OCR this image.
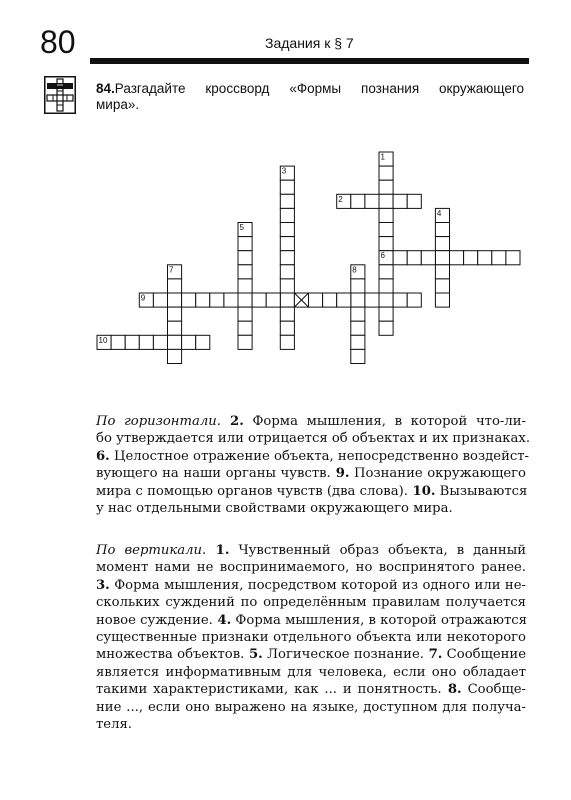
80	Задания к § 7
84.Разгадайте кроссворд «Формы познания окружающего
мира».
1
2
3
4
5
6
7	8
9
10
По горизонтали. 2. Форма мышления, в которой что-ли-
бо утверждается или отрицается об объектах и их признаках.
6. Целостное отражение объекта, непосредственно воздейст-
вующего на наши органы чувств. 9. Познание окружающего
мира с помощью органов чувств (два слова). 10. Вызываются
у нас отдельными свойствами окружающего мира.
По вертикали. 1. Чувственный образ объекта, в данный
момент нами не воспринимаемого, но воспринятого ранее.
3. Форма мышления, посредством которой из одного или не-
скольких суждений по определённым правилам получается
новое суждение. 4. Форма мышления, в которой отражаются
существенные признаки отдельного объекта или некоторого
множества объектов. 5. Логическое познание. 7. Сообщение
является информативным для человека, если оно обладает
такими характеристиками, как ... и понятность. 8. Сообще-
ние ..., если оно выражено на языке, доступном для получа-
теля.
